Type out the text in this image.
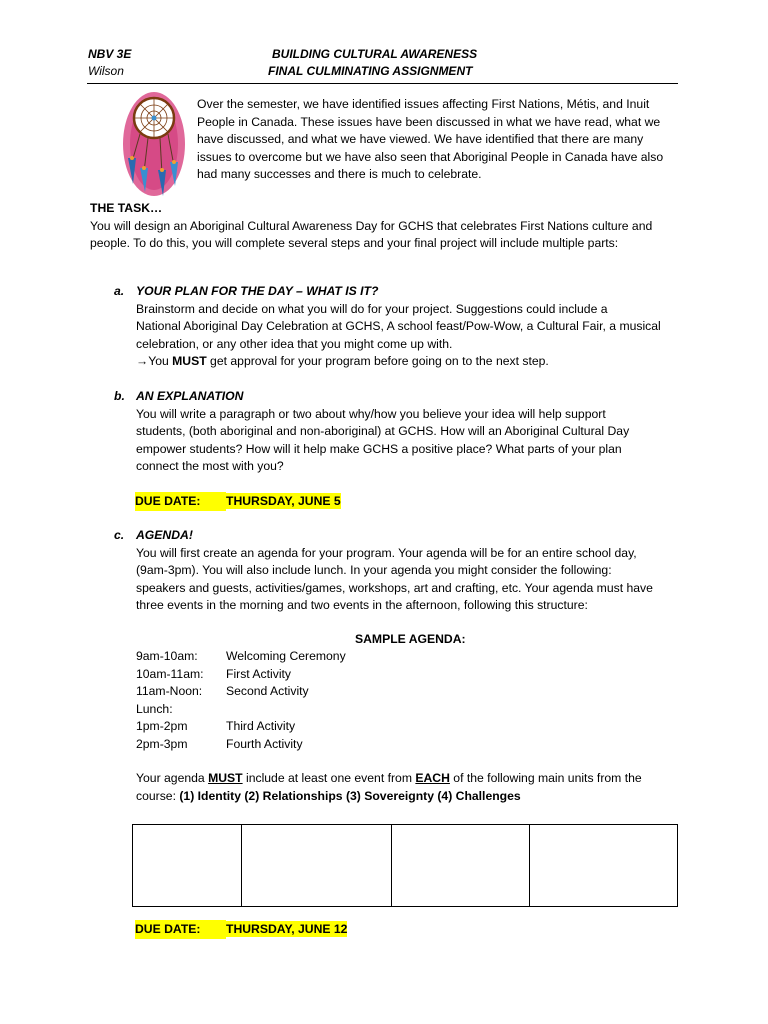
NBV 3E
Wilson
BUILDING CULTURAL AWARENESS
FINAL CULMINATING ASSIGNMENT
Over the semester, we have identified issues affecting First Nations, Métis, and Inuit
People in Canada. These issues have been discussed in what we have read, what we
have discussed, and what we have viewed. We have identified that there are many
issues to overcome but we have also seen that Aboriginal People in Canada have also
had many successes and there is much to celebrate.
THE TASK…
You will design an Aboriginal Cultural Awareness Day for GCHS that celebrates First Nations culture and
people. To do this, you will complete several steps and your final project will include multiple parts:
a. YOUR PLAN FOR THE DAY – WHAT IS IT?
Brainstorm and decide on what you will do for your project. Suggestions could include a
National Aboriginal Day Celebration at GCHS, A school feast/Pow-Wow, a Cultural Fair, a musical
celebration, or any other idea that you might come up with.
→You MUST get approval for your program before going on to the next step.
b. AN EXPLANATION
You will write a paragraph or two about why/how you believe your idea will help support
students, (both aboriginal and non-aboriginal) at GCHS. How will an Aboriginal Cultural Day
empower students? How will it help make GCHS a positive place? What parts of your plan
connect the most with you?
DUE DATE: THURSDAY, JUNE 5
c. AGENDA!
You will first create an agenda for your program. Your agenda will be for an entire school day,
(9am-3pm). You will also include lunch. In your agenda you might consider the following:
speakers and guests, activities/games, workshops, art and crafting, etc. Your agenda must have
three events in the morning and two events in the afternoon, following this structure:
SAMPLE AGENDA:
9am-10am: Welcoming Ceremony
10am-11am: First Activity
11am-Noon: Second Activity
Lunch:
1pm-2pm	Third Activity
2pm-3pm	Fourth Activity
Your agenda MUST include at least one event from EACH of the following main units from the
course: (1) Identity (2) Relationships (3) Sovereignty (4) Challenges
DUE DATE: THURSDAY, JUNE 12
